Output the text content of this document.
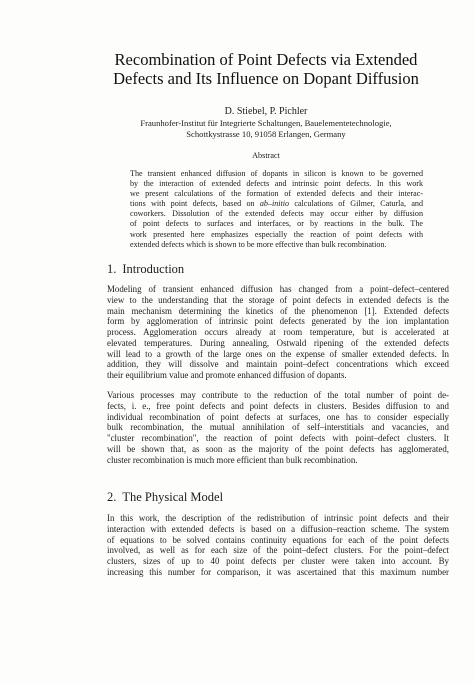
Recombination of Point Defects via Extended
Defects and Its Influence on Dopant Diffusion
D. Stiebel, P. Pichler
Fraunhofer-Institut für Integrierte Schaltungen, Bauelementetechnologie,
Schottkystrasse 10, 91058 Erlangen, Germany
Abstract
The transient enhanced diffusion of dopants in silicon is known to be governed
by the interaction of extended defects and intrinsic point defects. In this work
we present calculations of the formation of extended defects and their interac-
tions with point defects, based on ab–initio calculations of Gilmer, Caturla, and
coworkers. Dissolution of the extended defects may occur either by diffusion
of point defects to surfaces and interfaces, or by reactions in the bulk. The
work presented here emphasizes especially the reaction of point defects with
extended defects which is shown to be more effective than bulk recombination.
1. Introduction
Modeling of transient enhanced diffusion has changed from a point–defect–centered
view to the understanding that the storage of point defects in extended defects is the
main mechanism determining the kinetics of the phenomenon [1]. Extended defects
form by agglomeration of intrinsic point defects generated by the ion implantation
process. Agglomeration occurs already at room temperature, but is accelerated at
elevated temperatures. During annealing, Ostwald ripening of the extended defects
will lead to a growth of the large ones on the expense of smaller extended defects. In
addition, they will dissolve and maintain point–defect concentrations which exceed
their equilibrium value and promote enhanced diffusion of dopants.
Various processes may contribute to the reduction of the total number of point de-
fects, i. e., free point defects and point defects in clusters. Besides diffusion to and
individual recombination of point defects at surfaces, one has to consider especially
bulk recombination, the mutual annihilation of self–interstitials and vacancies, and
"cluster recombination", the reaction of point defects with point–defect clusters. It
will be shown that, as soon as the majority of the point defects has agglomerated,
cluster recombination is much more efficient than bulk recombination.
2. The Physical Model
In this work, the description of the redistribution of intrinsic point defects and their
interaction with extended defects is based on a diffusion–reaction scheme. The system
of equations to be solved contains continuity equations for each of the point defects
involved, as well as for each size of the point–defect clusters. For the point–defect
clusters, sizes of up to 40 point defects per cluster were taken into account. By
increasing this number for comparison, it was ascertained that this maximum number
